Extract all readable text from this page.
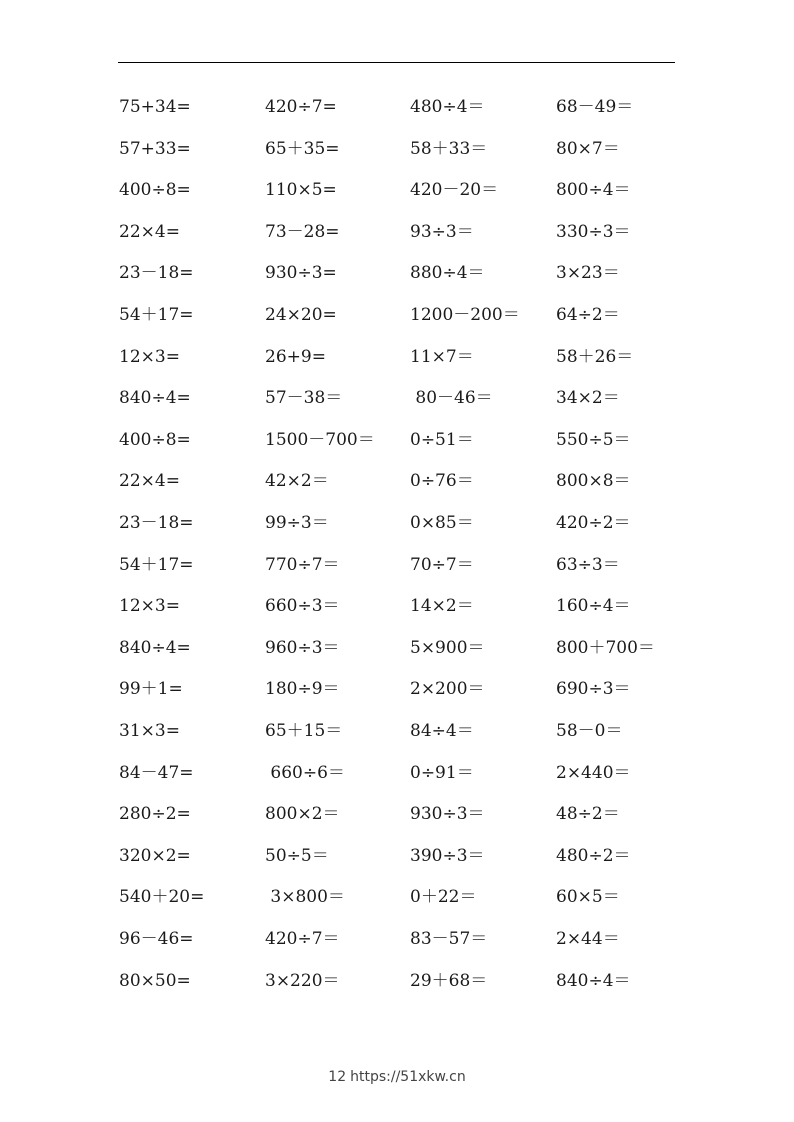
75+34=	420÷7=	480÷4＝	68－49＝
57+33=	65＋35=	58＋33＝	80×7＝
400÷8=	110×5=	420－20＝	800÷4＝
22×4=	73－28=	93÷3＝	330÷3＝
23－18=	930÷3=	880÷4＝	3×23＝
54＋17=	24×20=	1200－200＝ 64÷2＝
12×3=	26+9=	11×7＝	58＋26＝
840÷4=	57－38＝	80－46＝	34×2＝
400÷8=	1500－700＝ 0÷51＝	550÷5＝
22×4=	42×2＝	0÷76＝	800×8＝
23－18=	99÷3＝	0×85＝	420÷2＝
54＋17=	770÷7＝	70÷7＝	63÷3＝
12×3=	660÷3＝	14×2＝	160÷4＝
840÷4=	960÷3＝	5×900＝	800＋700＝
99＋1=	180÷9＝	2×200＝	690÷3＝
31×3=	65＋15＝	84÷4＝	58－0＝
84－47=	660÷6＝	0÷91＝	2×440＝
280÷2=	800×2＝	930÷3＝	48÷2＝
320×2=	50÷5＝	390÷3＝	480÷2＝
540＋20=	3×800＝	0＋22＝	60×5＝
96－46=	420÷7＝	83－57＝	2×44＝
80×50=	3×220＝	29＋68＝	840÷4＝
12 https://51xkw.cn
